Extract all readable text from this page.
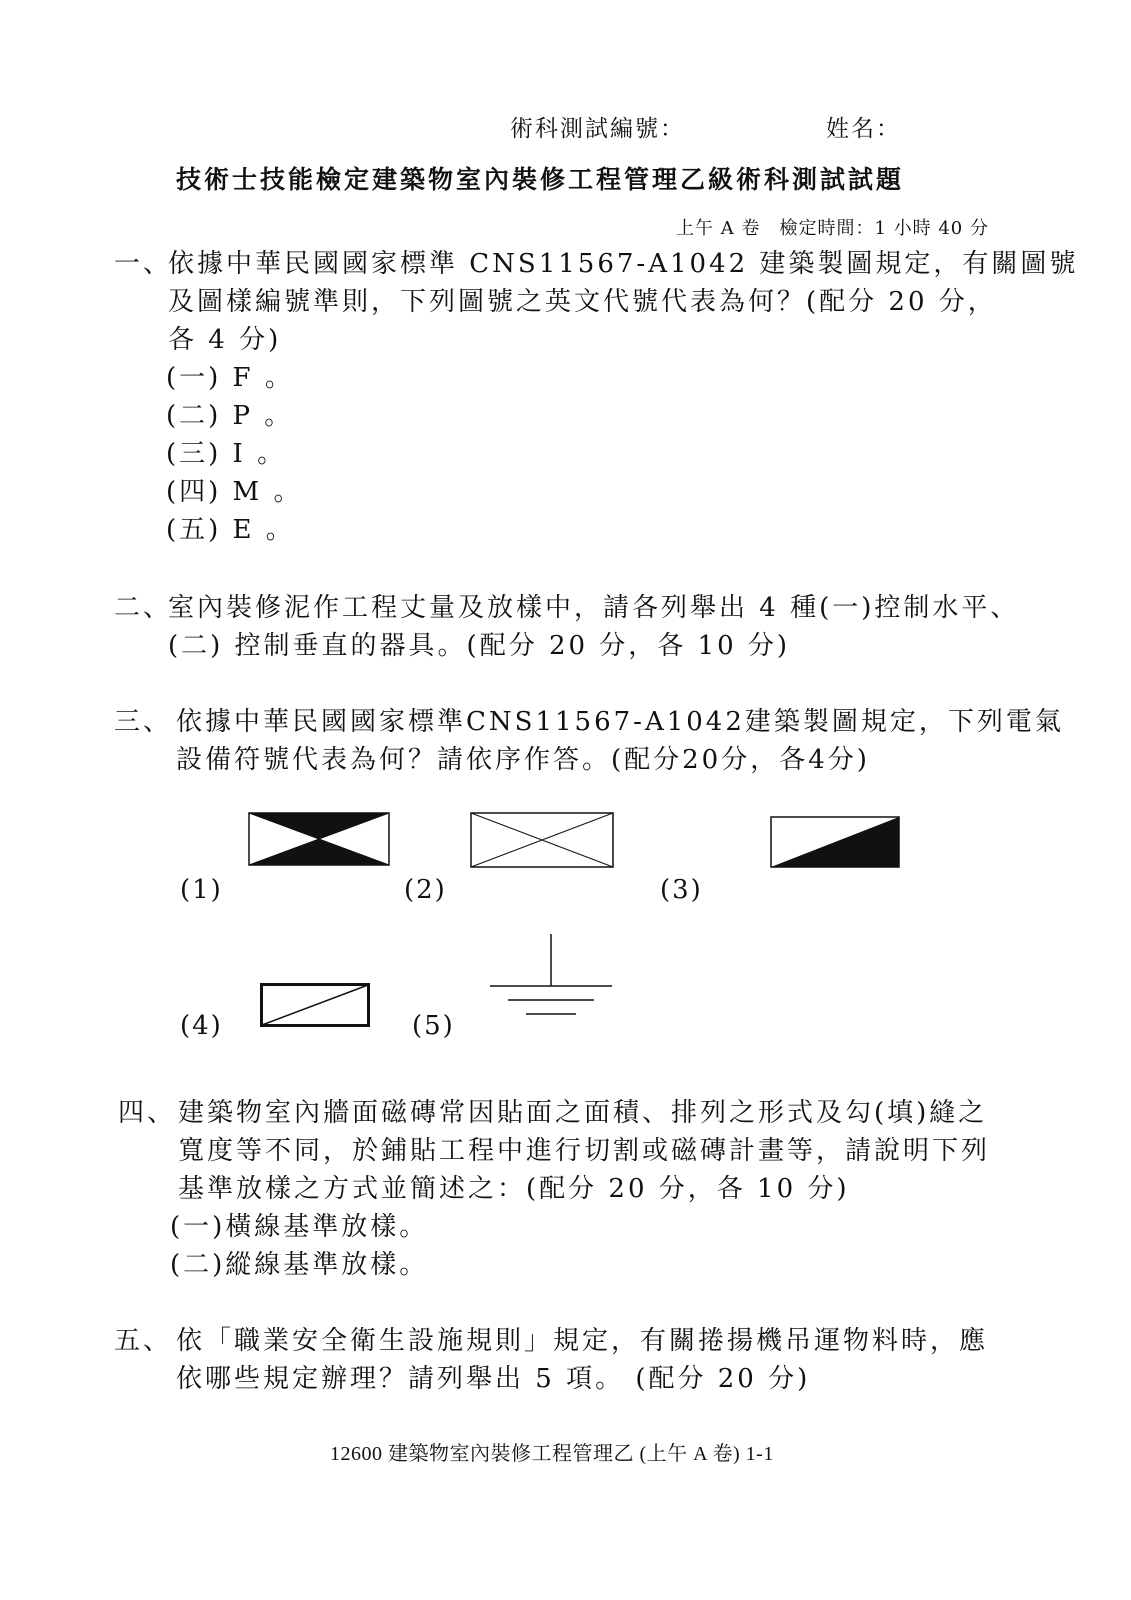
術科測試編號：	姓名：
技術士技能檢定建築物室內裝修工程管理乙級術科測試試題
上午 A 卷　檢定時間：1 小時 40 分
一、
依據中華民國國家標準 CNS11567-A1042 建築製圖規定，有關圖號
及圖樣編號準則，下列圖號之英文代號代表為何？(配分 20 分，
各 4 分)
(一) F 。
(二) P 。
(三) I 。
(四) M 。
(五) E 。
二、
室內裝修泥作工程丈量及放樣中，請各列舉出 4 種(一)控制水平、
(二) 控制垂直的器具。(配分 20 分，各 10 分)
三、 依據中華民國國家標準CNS11567-A1042建築製圖規定，下列電氣
設備符號代表為何？請依序作答。(配分20分，各4分)
(1)	(2)	(3)
(4)	(5)
四、 建築物室內牆面磁磚常因貼面之面積、排列之形式及勾(填)縫之
寬度等不同，於鋪貼工程中進行切割或磁磚計畫等，請說明下列
基準放樣之方式並簡述之：(配分 20 分，各 10 分)
(一)橫線基準放樣。
(二)縱線基準放樣。
五、 依「職業安全衛生設施規則」規定，有關捲揚機吊運物料時，應
依哪些規定辦理？請列舉出 5 項。 (配分 20 分)
12600 建築物室內裝修工程管理乙 (上午 A 卷) 1-1
